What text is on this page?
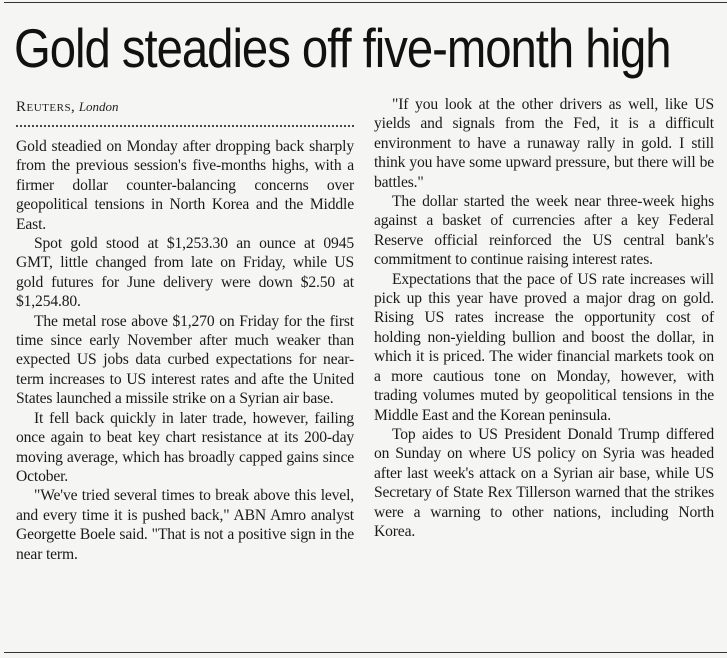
Gold steadies off five-month high
Reuters, London

Gold steadied on Monday after dropping back sharply from the previous session's five-months highs, with a firmer dollar counter-balancing concerns over geopolitical tensions in North Korea and the Middle East.

Spot gold stood at $1,253.30 an ounce at 0945 GMT, little changed from late on Friday, while US gold futures for June delivery were down $2.50 at $1,254.80.

The metal rose above $1,270 on Friday for the first time since early November after much weaker than expected US jobs data curbed expectations for near-term increases to US interest rates and afte the United States launched a missile strike on a Syrian air base.

It fell back quickly in later trade, however, failing once again to beat key chart resistance at its 200-day moving average, which has broadly capped gains since October.

"We've tried several times to break above this level, and every time it is pushed back," ABN Amro analyst Georgette Boele said. "That is not a positive sign in the near term.

"If you look at the other drivers as well, like US yields and signals from the Fed, it is a difficult environment to have a runaway rally in gold. I still think you have some upward pressure, but there will be battles."

The dollar started the week near three-week highs against a basket of currencies after a key Federal Reserve official reinforced the US central bank's commitment to continue raising interest rates.

Expectations that the pace of US rate increases will pick up this year have proved a major drag on gold. Rising US rates increase the opportunity cost of holding non-yielding bullion and boost the dollar, in which it is priced. The wider financial markets took on a more cautious tone on Monday, however, with trading volumes muted by geopolitical tensions in the Middle East and the Korean peninsula.

Top aides to US President Donald Trump differed on Sunday on where US policy on Syria was headed after last week's attack on a Syrian air base, while US Secretary of State Rex Tillerson warned that the strikes were a warning to other nations, including North Korea.
